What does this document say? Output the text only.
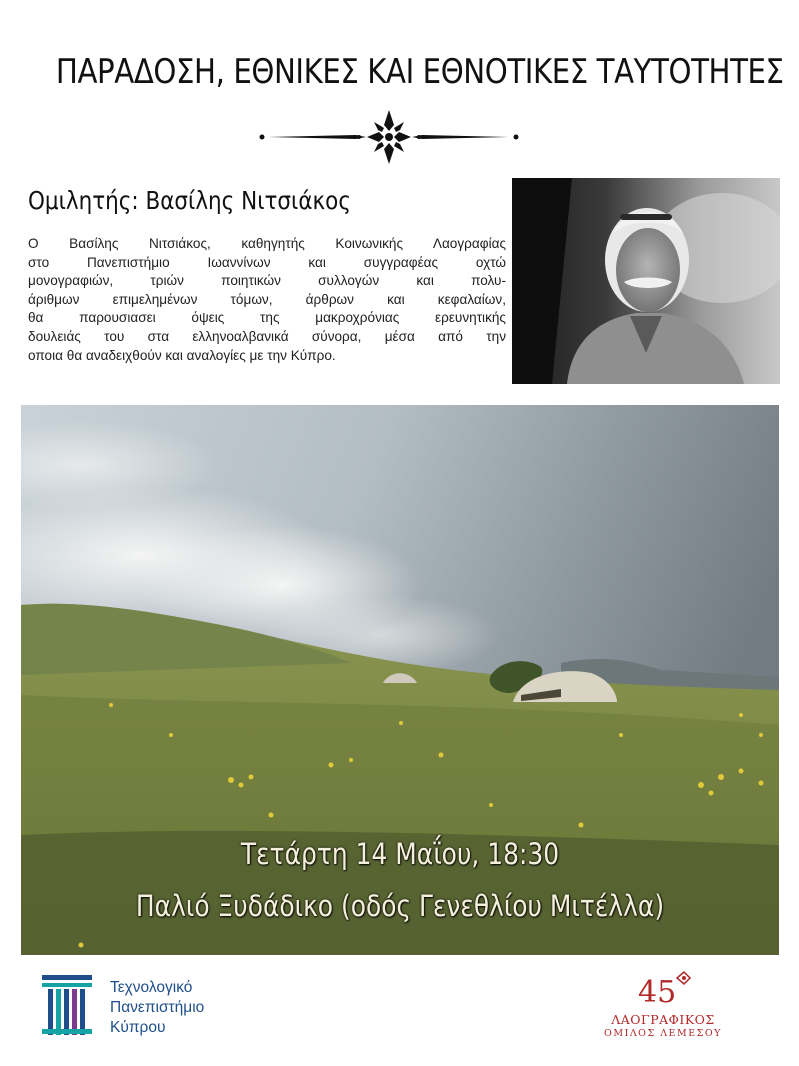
ΠΑΡΑΔΟΣΗ, ΕΘΝΙΚΕΣ ΚΑΙ ΕΘΝΟΤΙΚΕΣ ΤΑΥΤΟΤΗΤΕΣ
Ομιλητής: Βασίλης Νιτσιάκος
Ο Βασίλης Νιτσιάκος, καθηγητής Κοινωνικής Λαογραφίας
στο Πανεπιστήμιο Ιωαννίνων και συγγραφέας οχτώ
μονογραφιών, τριών ποιητικών συλλογών και πολυ-
άριθμων επιμελημένων τόμων, άρθρων και κεφαλαίων,
θα παρουσιασει όψεις της μακροχρόνιας ερευνητικής
δουλειάς του στα ελληνοαλβανικά σύνορα, μέσα από την
οποια θα αναδειχθούν και αναλογίες με την Κύπρο.
Τετάρτη 14 Μαΐου, 18:30
Παλιό Ξυδάδικο (οδός Γενεθλίου Μιτέλλα)
Τεχνολογικό
Πανεπιστήμιο
Κύπρου
45
ΛΑΟΓΡΑΦΙΚΟΣ
ΟΜΙΛΟΣ ΛΕΜΕΣΟΥ
